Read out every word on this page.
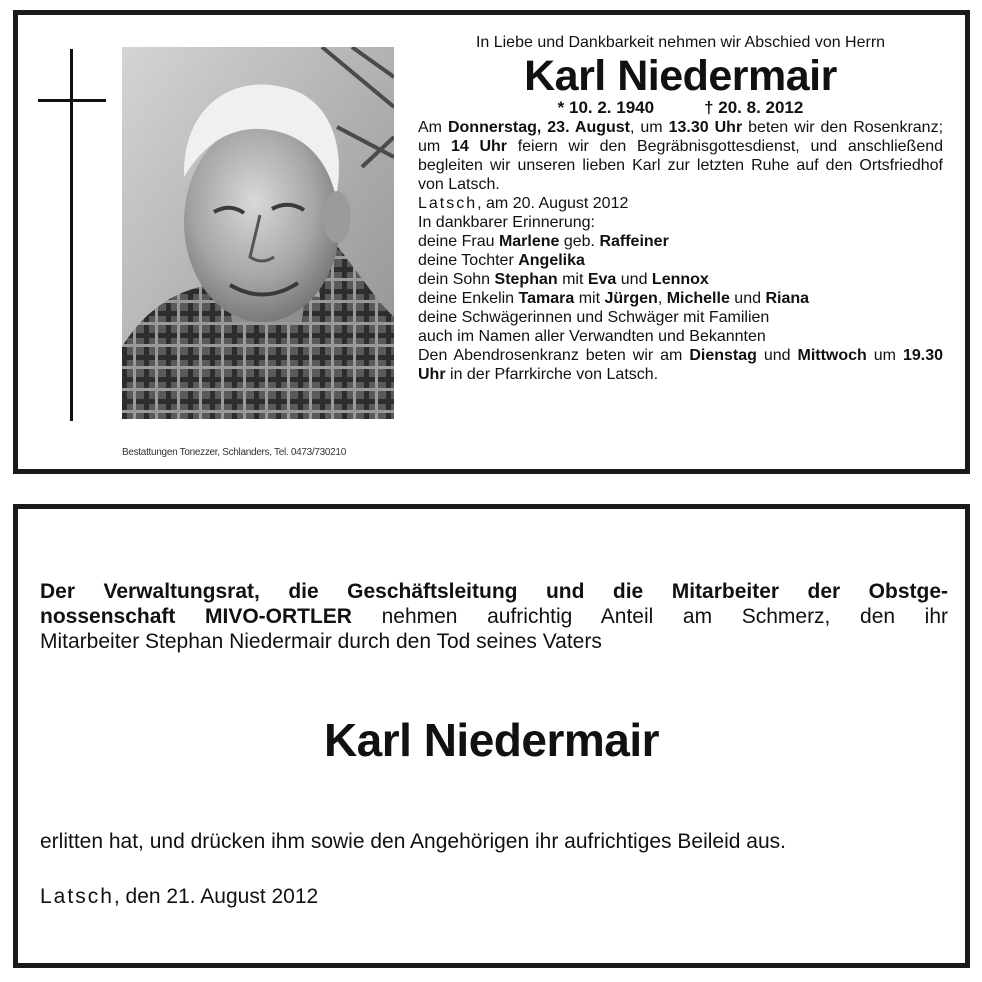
Bestattungen Tonezzer, Schlanders, Tel. 0473/730210
In Liebe und Dankbarkeit nehmen wir Abschied von Herrn
Karl Niedermair
* 10. 2. 1940	† 20. 8. 2012
Am Donnerstag, 23. August, um 13.30 Uhr beten wir den Rosenkranz; um 14 Uhr feiern wir den Begräbnisgottesdienst, und anschließend begleiten wir unseren lieben Karl zur letzten Ruhe auf den Ortsfriedhof von Latsch.
Latsch, am 20. August 2012
In dankbarer Erinnerung:
deine Frau Marlene geb. Raffeiner
deine Tochter Angelika
dein Sohn Stephan mit Eva und Lennox
deine Enkelin Tamara mit Jürgen, Michelle und Riana
deine Schwägerinnen und Schwäger mit Familien
auch im Namen aller Verwandten und Bekannten
Den Abendrosenkranz beten wir am Dienstag und Mittwoch um 19.30 Uhr in der Pfarrkirche von Latsch.
Der Verwaltungsrat, die Geschäftsleitung und die Mitarbeiter der Obstge-
nossenschaft MIVO-ORTLER nehmen aufrichtig Anteil am Schmerz, den ihr
Mitarbeiter Stephan Niedermair durch den Tod seines Vaters
Karl Niedermair
erlitten hat, und drücken ihm sowie den Angehörigen ihr aufrichtiges Beileid aus.
Latsch, den 21. August 2012
